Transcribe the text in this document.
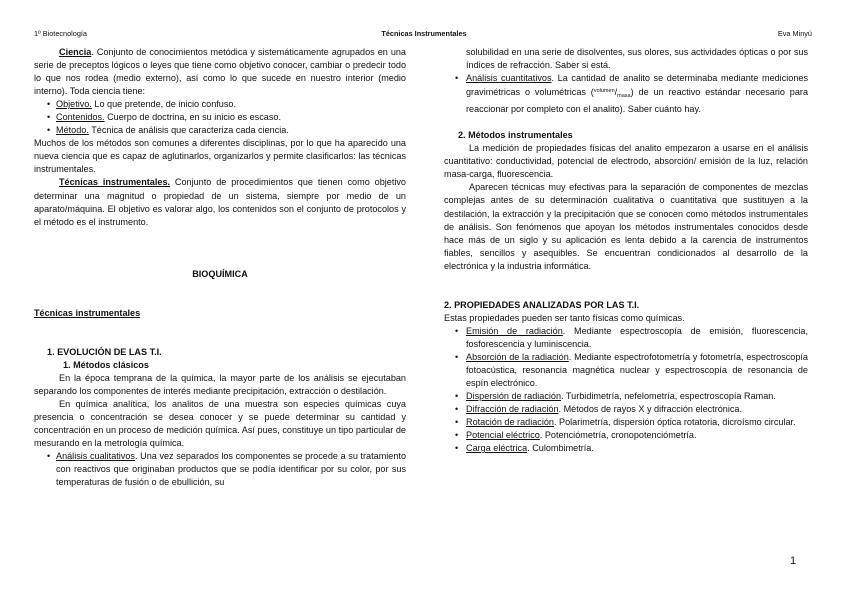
1º Biotecnología	Técnicas Instrumentales	Eva Minyú

Ciencia. Conjunto de conocimientos metódica y sistemáticamente agrupados en una serie de preceptos lógicos o leyes que tiene como objetivo conocer, cambiar o predecir todo lo que nos rodea (medio externo), así como lo que sucede en nuestro interior (medio interno). Toda ciencia tiene:

• Objetivo. Lo que pretende, de inicio confuso.

• Contenidos. Cuerpo de doctrina, en su inicio es escaso.

• Método. Técnica de análisis que caracteriza cada ciencia.

Muchos de los métodos son comunes a diferentes disciplinas, por lo que ha aparecido una nueva ciencia que es capaz de aglutinarlos, organizarlos y permite clasificarlos: las técnicas instrumentales.

Técnicas instrumentales. Conjunto de procedimientos que tienen como objetivo determinar una magnitud o propiedad de un sistema, siempre por medio de un aparato/máquina. El objetivo es valorar algo, los contenidos son el conjunto de protocolos y el método es el instrumento.

BIOQUÍMICA

Técnicas instrumentales

1. EVOLUCIÓN DE LAS T.I.

1. Métodos clásicos

En la época temprana de la química, la mayor parte de los análisis se ejecutaban separando los componentes de interés mediante precipitación, extracción o destilación.

En química analítica, los analitos de una muestra son especies químicas cuya presencia o concentración se desea conocer y se puede determinar su cantidad y concentración en un proceso de medición química. Así pues, constituye un tipo particular de mesurando en la metrología química.

• Análisis cualitativos. Una vez separados los componentes se procede a su tratamiento con reactivos que originaban productos que se podía identificar por su color, por sus temperaturas de fusión o de ebullición, su

solubilidad en una serie de disolventes, sus olores, sus actividades ópticas o por sus índices de refracción. Saber si está.

• Análisis cuantitativos. La cantidad de analito se determinaba mediante mediciones gravimétricas o volumétricas $(^{volumen}/_{masa})$ de un reactivo estándar necesario para reaccionar por completo con el analito). Saber cuánto hay.

2. Métodos instrumentales

La medición de propiedades físicas del analito empezaron a usarse en el análisis cuantitativo: conductividad, potencial de electrodo, absorción/ emisión de la luz, relación masa-carga, fluorescencia.

Aparecen técnicas muy efectivas para la separación de componentes de mezclas complejas antes de su determinación cualitativa o cuantitativa que sustituyen a la destilación, la extracción y la precipitación que se conocen como métodos instrumentales de análisis. Son fenómenos que apoyan los métodos instrumentales conocidos desde hace más de un siglo y su aplicación es lenta debido a la carencia de instrumentos fiables, sencillos y asequibles. Se encuentran condicionados al desarrollo de la electrónica y la industria informática.

2. PROPIEDADES ANALIZADAS POR LAS T.I.

Estas propiedades pueden ser tanto físicas como químicas.

• Emisión de radiación. Mediante espectroscopía de emisión, fluorescencia, fosforescencia y luminiscencia.

• Absorción de la radiación. Mediante espectrofotometría y fotometría, espectroscopía fotoacústica, resonancia magnética nuclear y espectroscopía de resonancia de espín electrónico.

• Dispersión de radiación. Turbidimetría, nefelometría, espectroscopía Raman.

• Difracción de radiación. Métodos de rayos X y difracción electrónica.

• Rotación de radiación. Polarimetría, dispersión óptica rotatoria, dicroísmo circular.

• Potencial eléctrico. Potenciómetría, cronopotenciómetría.

• Carga eléctrica. Culombimetría.

1
